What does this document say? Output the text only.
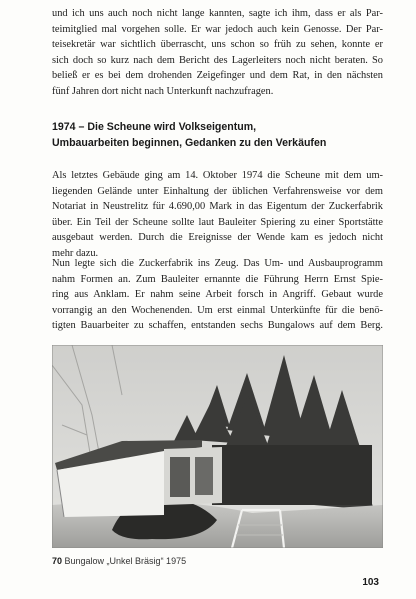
und ich uns auch noch nicht lange kannten, sagte ich ihm, dass er als Par-
teimitglied mal vorgehen solle. Er war jedoch auch kein Genosse. Der Par-
teisekretär war sichtlich überrascht, uns schon so früh zu sehen, konnte er
sich doch so kurz nach dem Bericht des Lagerleiters noch nicht beraten. So
beließ er es bei dem drohenden Zeigefinger und dem Rat, in den nächsten
fünf Jahren dort nicht nach Unterkunft nachzufragen.

1974 – Die Scheune wird Volkseigentum,
Umbauarbeiten beginnen, Gedanken zu den Verkäufen

Als letztes Gebäude ging am 14. Oktober 1974 die Scheune mit dem um-
liegenden Gelände unter Einhaltung der üblichen Verfahrensweise vor dem
Notariat in Neustrelitz für 4.690,00 Mark in das Eigentum der Zuckerfabrik
über. Ein Teil der Scheune sollte laut Bauleiter Spiering zu einer Sportstätte
ausgebaut werden. Durch die Ereignisse der Wende kam es jedoch nicht
mehr dazu.

Nun legte sich die Zuckerfabrik ins Zeug. Das Um- und Ausbauprogramm
nahm Formen an. Zum Bauleiter ernannte die Führung Herrn Ernst Spie-
ring aus Anklam. Er nahm seine Arbeit forsch in Angriff. Gebaut wurde
vorrangig an den Wochenenden. Um erst einmal Unterkünfte für die benö-
tigten Bauarbeiter zu schaffen, entstanden sechs Bungalows auf dem Berg.

70 Bungalow „Unkel Bräsig“ 1975
103
